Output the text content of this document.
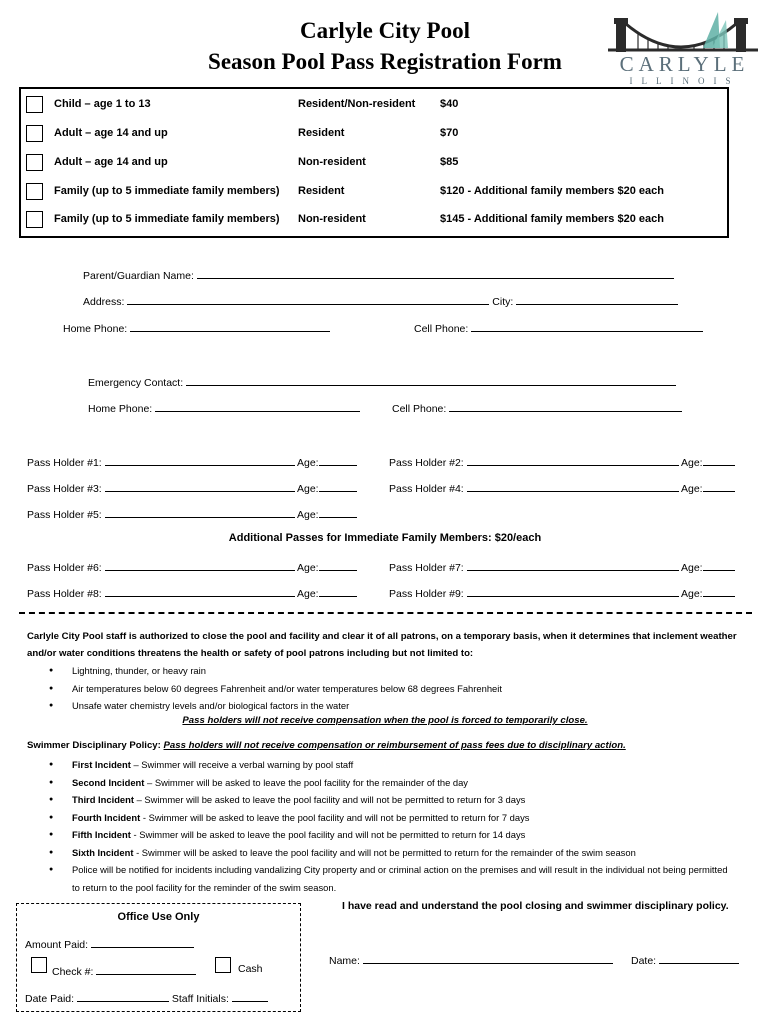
Carlyle City Pool
Season Pool Pass Registration Form	CARLYLE
ILLINOIS
Child – age 1 to 13	Resident/Non-resident $40
Adult – age 14 and up	Resident	$70
Adult – age 14 and up	Non-resident	$85
Family (up to 5 immediate family members) Resident	$120 - Additional family members $20 each
Family (up to 5 immediate family members) Non-resident	$145 - Additional family members $20 each
Parent/Guardian Name:
Address:	City:
Home Phone:	Cell Phone:
Emergency Contact:
Home Phone:	Cell Phone:
Pass Holder #1:	Age:	Pass Holder #2:	Age:
Pass Holder #3:	Age:	Pass Holder #4:	Age:
Pass Holder #5:	Age:
Additional Passes for Immediate Family Members: $20/each
Pass Holder #6:	Age:	Pass Holder #7:	Age:
Pass Holder #8:	Age:	Pass Holder #9:	Age:
Carlyle City Pool staff is authorized to close the pool and facility and clear it of all patrons, on a temporary basis, when it determines that inclement weather and/or water conditions threatens the health or safety of pool patrons including but not limited to:
● Lightning, thunder, or heavy rain
● Air temperatures below 60 degrees Fahrenheit and/or water temperatures below 68 degrees Fahrenheit
● Unsafe water chemistry levels and/or biological factors in the water
Pass holders will not receive compensation when the pool is forced to temporarily close.
Swimmer Disciplinary Policy: Pass holders will not receive compensation or reimbursement of pass fees due to disciplinary action.
● First Incident – Swimmer will receive a verbal warning by pool staff
● Second Incident – Swimmer will be asked to leave the pool facility for the remainder of the day
● Third Incident – Swimmer will be asked to leave the pool facility and will not be permitted to return for 3 days
● Fourth Incident - Swimmer will be asked to leave the pool facility and will not be permitted to return for 7 days
● Fifth Incident - Swimmer will be asked to leave the pool facility and will not be permitted to return for 14 days
● Sixth Incident - Swimmer will be asked to leave the pool facility and will not be permitted to return for the remainder of the swim season
● Police will be notified for incidents including vandalizing City property and or criminal action on the premises and will result in the individual not being permitted to return to the pool facility for the reminder of the swim season.
I have read and understand the pool closing and swimmer disciplinary policy.
Name:	Date:
Office Use Only
Amount Paid:
Check #:	Cash
Date Paid:	Staff Initials:
